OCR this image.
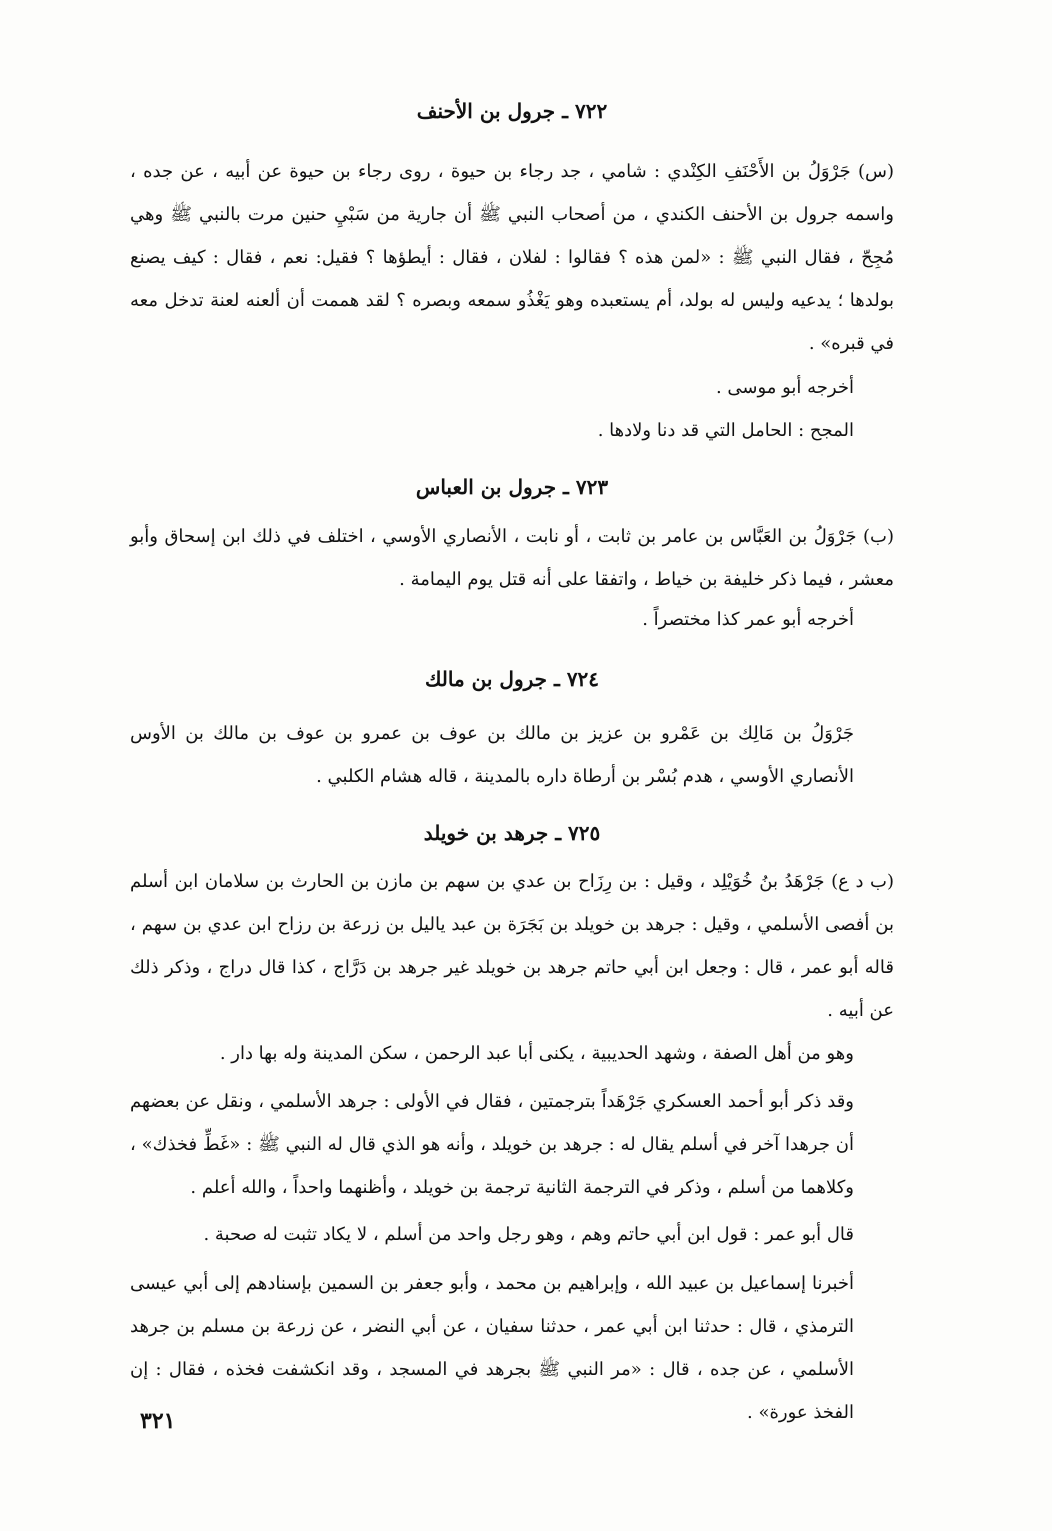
٧٢٢ ـ جرول بن الأحنف

(س) جَرْوَلُ بن الأَحْنَفِ الكِنْدي : شامي ، جد رجاء بن حيوة ، روى رجاء بن حيوة عن أبيه ، عن جده ، واسمه جرول بن الأحنف الكندي ، من أصحاب النبي ﷺ أن جارية من سَبْيِ حنين مرت بالنبي ﷺ وهي مُجِحّ ، فقال النبي ﷺ : «لمن هذه ؟ فقالوا : لفلان ، فقال : أيطؤها ؟ فقيل: نعم ، فقال : كيف يصنع بولدها ؛ يدعيه وليس له بولد، أم يستعبده وهو يَغْذُو سمعه وبصره ؟ لقد هممت أن ألعنه لعنة تدخل معه في قبره» .

أخرجه أبو موسى .

المجح : الحامل التي قد دنا ولادها .

٧٢٣ ـ جرول بن العباس

(ب) جَرْوَلُ بن العَبَّاس بن عامر بن ثابت ، أو نابت ، الأنصاري الأوسي ، اختلف في ذلك ابن إسحاق وأبو معشر ، فيما ذكر خليفة بن خياط ، واتفقا على أنه قتل يوم اليمامة .

أخرجه أبو عمر كذا مختصراً .

٧٢٤ ـ جرول بن مالك

جَرْوَلُ بن مَالِك بن عَمْرو بن عزيز بن مالك بن عوف بن عمرو بن عوف بن مالك بن الأوس الأنصاري الأوسي ، هدم بُسْر بن أرطاة داره بالمدينة ، قاله هشام الكلبي .

٧٢٥ ـ جرهد بن خويلد

(ب د ع) جَرْهَدُ بنُ خُوَيْلِد ، وقيل : بن رِزَاح بن عدي بن سهم بن مازن بن الحارث بن سلامان ابن أسلم بن أفصى الأسلمي ، وقيل : جرهد بن خويلد بن بَجَرَة بن عبد ياليل بن زرعة بن رزاح ابن عدي بن سهم ، قاله أبو عمر ، قال : وجعل ابن أبي حاتم جرهد بن خويلد غير جرهد بن دَرَّاج ، كذا قال دراج ، وذكر ذلك عن أبيه .

وهو من أهل الصفة ، وشهد الحديبية ، يكنى أبا عبد الرحمن ، سكن المدينة وله بها دار .

وقد ذكر أبو أحمد العسكري جَرْهَداً بترجمتين ، فقال في الأولى : جرهد الأسلمي ، ونقل عن بعضهم أن جرهدا آخر في أسلم يقال له : جرهد بن خويلد ، وأنه هو الذي قال له النبي ﷺ : «غَطِّ فخذك» ، وكلاهما من أسلم ، وذكر في الترجمة الثانية ترجمة بن خويلد ، وأظنهما واحداً ، والله أعلم .

قال أبو عمر : قول ابن أبي حاتم وهم ، وهو رجل واحد من أسلم ، لا يكاد تثبت له صحبة .

أخبرنا إسماعيل بن عبيد الله ، وإبراهيم بن محمد ، وأبو جعفر بن السمين بإسنادهم إلى أبي عيسى الترمذي ، قال : حدثنا ابن أبي عمر ، حدثنا سفيان ، عن أبي النضر ، عن زرعة بن مسلم بن جرهد الأسلمي ، عن جده ، قال : «مر النبي ﷺ بجرهد في المسجد ، وقد انكشفت فخذه ، فقال : إن الفخذ عورة» .

٣٢١
